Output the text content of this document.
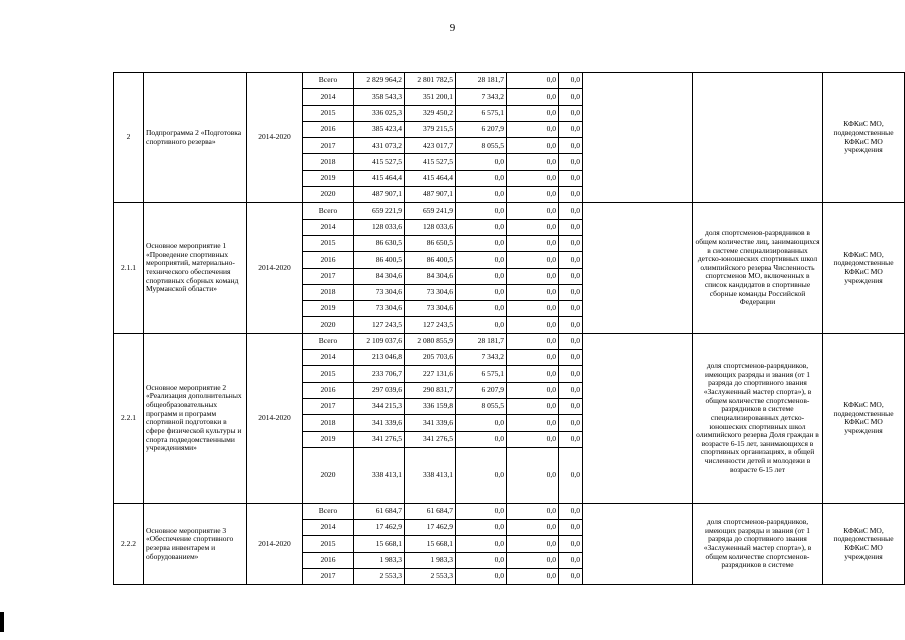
9
2	Подпрограмма 2 «Подготовка спортивного резерва»	2014-2020	Всего	2 829 964,2	2 801 782,5	28 181,7	0,0	0,0			КФКиС МО, подведомственные КФКиС МО учреждения
			2014	358 543,3	351 200,1	7 343,2	0,0	0,0			
			2015	336 025,3	329 450,2	6 575,1	0,0	0,0			
			2016	385 423,4	379 215,5	6 207,9	0,0	0,0			
			2017	431 073,2	423 017,7	8 055,5	0,0	0,0			
			2018	415 527,5	415 527,5	0,0	0,0	0,0			
			2019	415 464,4	415 464,4	0,0	0,0	0,0			
			2020	487 907,1	487 907,1	0,0	0,0	0,0			
2.1.1	Основное мероприятие 1 «Проведение спортивных мероприятий, материально-технического обеспечения спортивных сборных команд Мурманской области»	2014-2020	Всего	659 221,9	659 241,9	0,0	0,0	0,0		доля спортсменов-разрядников в общем количестве лиц, занимающихся в системе специализированных детско-юношеских спортивных школ олимпийского резерва Численность спортсменов МО, включенных в список кандидатов в спортивные сборные команды Российской Федерации	КФКиС МО, подведомственные КФКиС МО учреждения
			2014	128 033,6	128 033,6	0,0	0,0	0,0			
			2015	86 630,5	86 650,5	0,0	0,0	0,0			
			2016	86 400,5	86 400,5	0,0	0,0	0,0			
			2017	84 304,6	84 304,6	0,0	0,0	0,0			
			2018	73 304,6	73 304,6	0,0	0,0	0,0			
			2019	73 304,6	73 304,6	0,0	0,0	0,0			
			2020	127 243,5	127 243,5	0,0	0,0	0,0			
2.2.1	Основное мероприятие 2 «Реализация дополнительных общеобразовательных программ и программ спортивной подготовки в сфере физической культуры и спорта подведомственными учреждениями»	2014-2020	Всего	2 109 037,6	2 080 855,9	28 181,7	0,0	0,0		доля спортсменов-разрядников, имеющих разряды и звания (от 1 разряда до спортивного звания «Заслуженный мастер спорта»), в общем количестве спортсменов-разрядников в системе специализированных детско-юношеских спортивных школ олимпийского резерва Доля граждан в возрасте 6-15 лет, занимающихся в спортивных организациях, в общей численности детей и молодежи в возрасте 6-15 лет	КФКиС МО, подведомственные КФКиС МО учреждения
			2014	213 046,8	205 703,6	7 343,2	0,0	0,0			
			2015	233 706,7	227 131,6	6 575,1	0,0	0,0			
			2016	297 039,6	290 831,7	6 207,9	0,0	0,0			
			2017	344 215,3	336 159,8	8 055,5	0,0	0,0			
			2018	341 339,6	341 339,6	0,0	0,0	0,0			
			2019	341 276,5	341 276,5	0,0	0,0	0,0			
			2020	338 413,1	338 413,1	0,0	0,0	0,0			
2.2.2	Основное мероприятие 3 «Обеспечение спортивного резерва инвентарем и оборудованием»	2014-2020	Всего	61 684,7	61 684,7	0,0	0,0	0,0		доля спортсменов-разрядников, имеющих разряды и звания (от 1 разряда до спортивного звания «Заслуженный мастер спорта»), в общем количестве спортсменов-разрядников в системе	КФКиС МО, подведомственные КФКиС МО учреждения
			2014	17 462,9	17 462,9	0,0	0,0	0,0			
			2015	15 668,1	15 668,1	0,0	0,0	0,0			
			2016	1 983,3	1 983,3	0,0	0,0	0,0			
			2017	2 553,3	2 553,3	0,0	0,0	0,0			
